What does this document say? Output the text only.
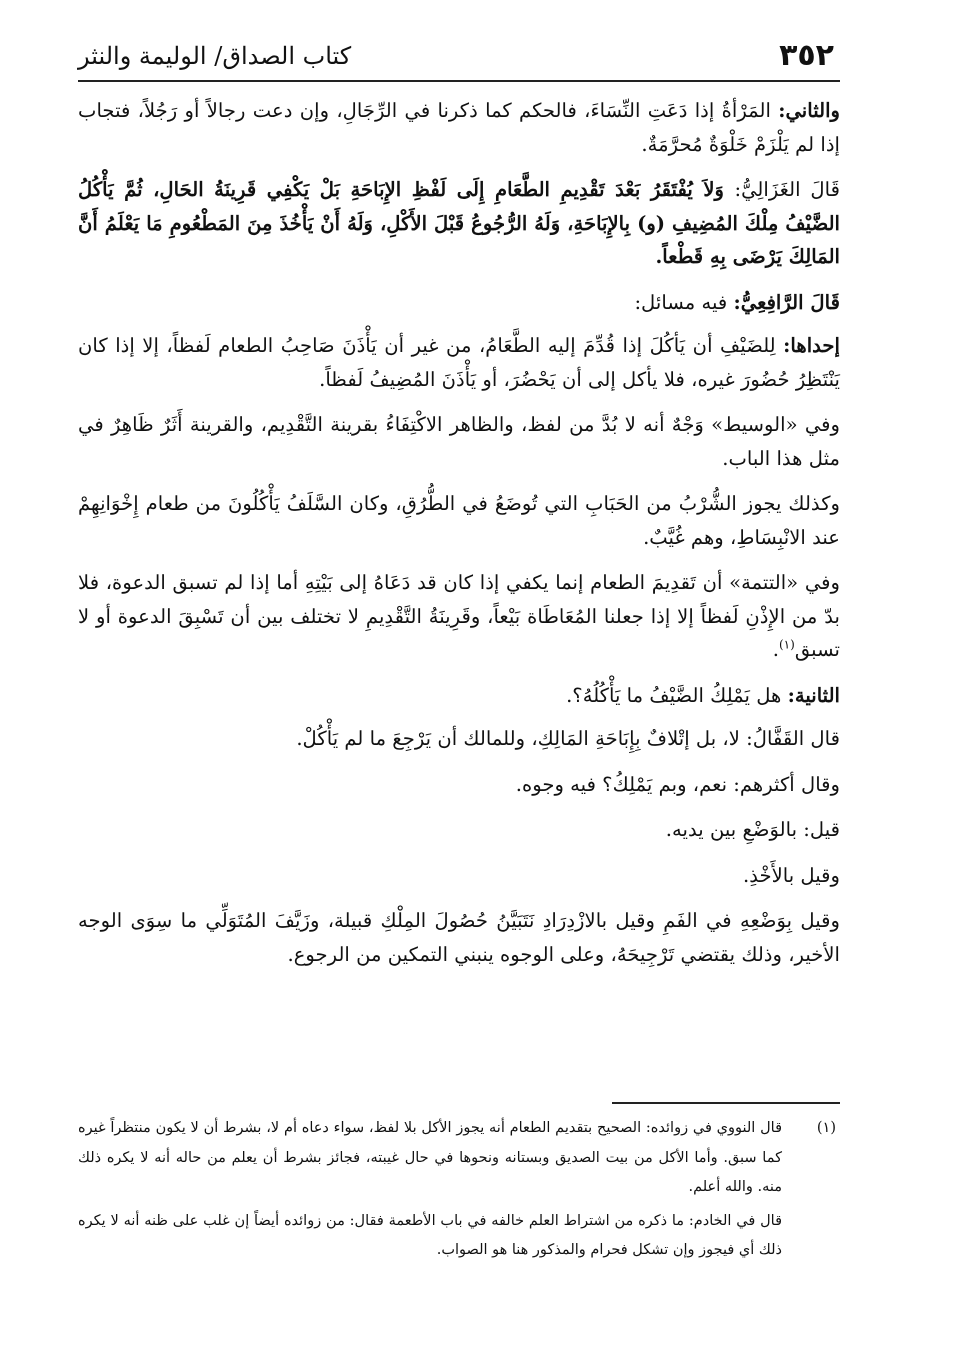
٣٥٢
كتاب الصداق/ الوليمة والنثر

والثاني: المَرْأةُ إذا دَعَتِ النِّسَاءَ، فالحكم كما ذكرنا في الرِّجَالِ، وإن دعت رجالاً أو رَجُلاً، فتجاب إذا لم يَلْزَمْ خَلْوَةٌ مُحرَّمَةٌ.

قَالَ الغَزَالِيُّ: وَلاَ يُفْتَقَرُ بَعْدَ تَقْدِيمِ الطَّعَامِ إِلَى لَفْظِ الإِبَاحَةِ بَلْ يَكْفِي قَرِينَةُ الحَالِ، ثُمَّ يَأْكُلُ الضَّيْفُ مِلْكَ المُضِيفِ (و) بِالإِبَاحَةِ، وَلَهُ الرُّجُوعُ قَبْلَ الأَكْلِ، وَلَهُ أَنْ يَأْخُذَ مِنَ المَطْعُومِ مَا يَعْلَمُ أَنَّ المَالِكَ يَرْضَى بِهِ قَطْعاً.

قَالَ الرَّافِعِيُّ: فيه مسائل:

إحداها: لِلضَيْفِ أن يَأكُلَ إذا قُدِّمَ إليه الطَّعَامُ، من غير أن يَأْذَنَ صَاحِبُ الطعام لَفظاً، إلا إذا كان يَنْتَظِرُ حُضُورَ غيره، فلا يأكل إلى أن يَحْضُرَ، أو يَأْذَنَ المُضِيفُ لَفظاً.

وفي «الوسيط» وَجْهٌ أنه لا بُدَّ من لفظ، والظاهر الاكْتِفَاءُ بقرينة التَّقْدِيم، والقرينة أَثَرٌ ظَاهِرٌ في مثل هذا الباب.

وكذلك يجوز الشُّرْبُ من الحَبَابِ التي تُوضَعُ في الطُّرُقِ، وكان السَّلَفُ يَأْكُلُونَ من طعام إِخْوَانِهِمْ عند الانْبِسَاطِ، وهم غُيَّبٌ.

وفي «التتمة» أن تَقدِيمَ الطعام إنما يكفي إذا كان قد دَعَاهُ إلى بَيْتِهِ أما إذا لم تسبق الدعوة، فلا بدّ من الإِذْنِ لَفظاً إلا إذا جعلنا المُعَاطَاة بَيْعاً، وقَرِينَةُ التَّقْدِيمِ لا تختلف بين أن تَسْبِقَ الدعوة أو لا تسبق$^{(١)}$.

الثانية: هل يَمْلِكُ الضَّيْفُ ما يَأْكُلُهُ؟.

قال القَفَّالُ: لا، بل إتْلافٌ بِإِبَاحَةِ المَالِكِ، وللمالك أن يَرْجِعَ ما لم يَأْكُلْ.

وقال أكثرهم: نعم، وبم يَمْلِكُ؟ فيه وجوه.

قيل: بالوَضْعِ بين يديه.

وقيل بالأَخْذِ.

وقيل بِوَضْعِهِ في الفَمِ وقيل بالازْدِرَادِ نَتَبَيَّنُ حُصُولَ المِلْكِ قبيلة، وزَيَّفَ المُتَوَلِّي ما سِوَى الوجه الأخير، وذلك يقتضي تَرْجِيحَهُ، وعلى الوجوه ينبني التمكين من الرجوع.

(١)

قال النووي في زوائده: الصحيح بتقديم الطعام أنه يجوز الأكل بلا لفظ، سواء دعاه أم لا، بشرط أن لا يكون منتظراً غيره كما سبق. وأما الأكل من بيت الصديق وبستانه ونحوها في حال غيبته، فجائز بشرط أن يعلم من حاله أنه لا يكره ذلك منه. والله أعلم.

قال في الخادم: ما ذكره من اشتراط العلم خالفه في باب الأطعمة فقال: من زوائده أيضاً إن غلب على ظنه أنه لا يكره ذلك أي فيجوز وإن تشكل فحرام والمذكور هنا هو الصواب.
